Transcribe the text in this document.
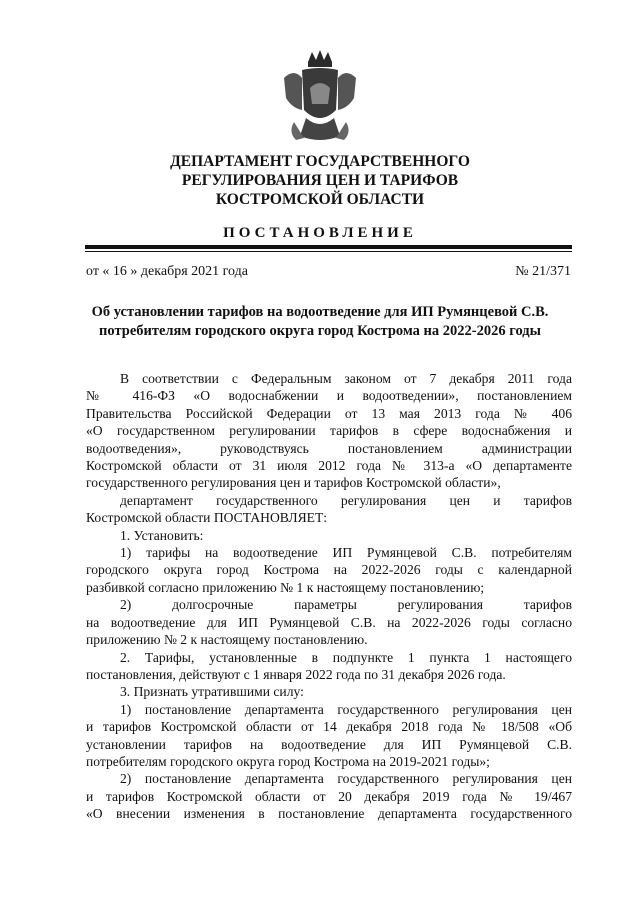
ДЕПАРТАМЕНТ ГОСУДАРСТВЕННОГО
РЕГУЛИРОВАНИЯ ЦЕН И ТАРИФОВ
КОСТРОМСКОЙ ОБЛАСТИ
ПОСТАНОВЛЕНИЕ
от « 16 » декабря 2021 года	№ 21/371
Об установлении тарифов на водоотведение для ИП Румянцевой С.В.
потребителям городского округа город Кострома на 2022-2026 годы

В соответствии с Федеральным законом от 7 декабря 2011 года
№ 416-ФЗ «О водоснабжении и водоотведении», постановлением
Правительства Российской Федерации от 13 мая 2013 года № 406
«О государственном регулировании тарифов в сфере водоснабжения и
водоотведения», руководствуясь постановлением администрации
Костромской области от 31 июля 2012 года № 313-а «О департаменте
государственного регулирования цен и тарифов Костромской области»,

департамент государственного регулирования цен и тарифов
Костромской области ПОСТАНОВЛЯЕТ:

1. Установить:

1) тарифы на водоотведение ИП Румянцевой С.В. потребителям
городского округа город Кострома на 2022-2026 годы с календарной
разбивкой согласно приложению № 1 к настоящему постановлению;

2) долгосрочные параметры регулирования тарифов
на водоотведение для ИП Румянцевой С.В. на 2022-2026 годы согласно
приложению № 2 к настоящему постановлению.

2. Тарифы, установленные в подпункте 1 пункта 1 настоящего
постановления, действуют с 1 января 2022 года по 31 декабря 2026 года.

3. Признать утратившими силу:

1) постановление департамента государственного регулирования цен
и тарифов Костромской области от 14 декабря 2018 года № 18/508 «Об
установлении тарифов на водоотведение для ИП Румянцевой С.В.
потребителям городского округа город Кострома на 2019-2021 годы»;

2) постановление департамента государственного регулирования цен
и тарифов Костромской области от 20 декабря 2019 года № 19/467
«О внесении изменения в постановление департамента государственного
